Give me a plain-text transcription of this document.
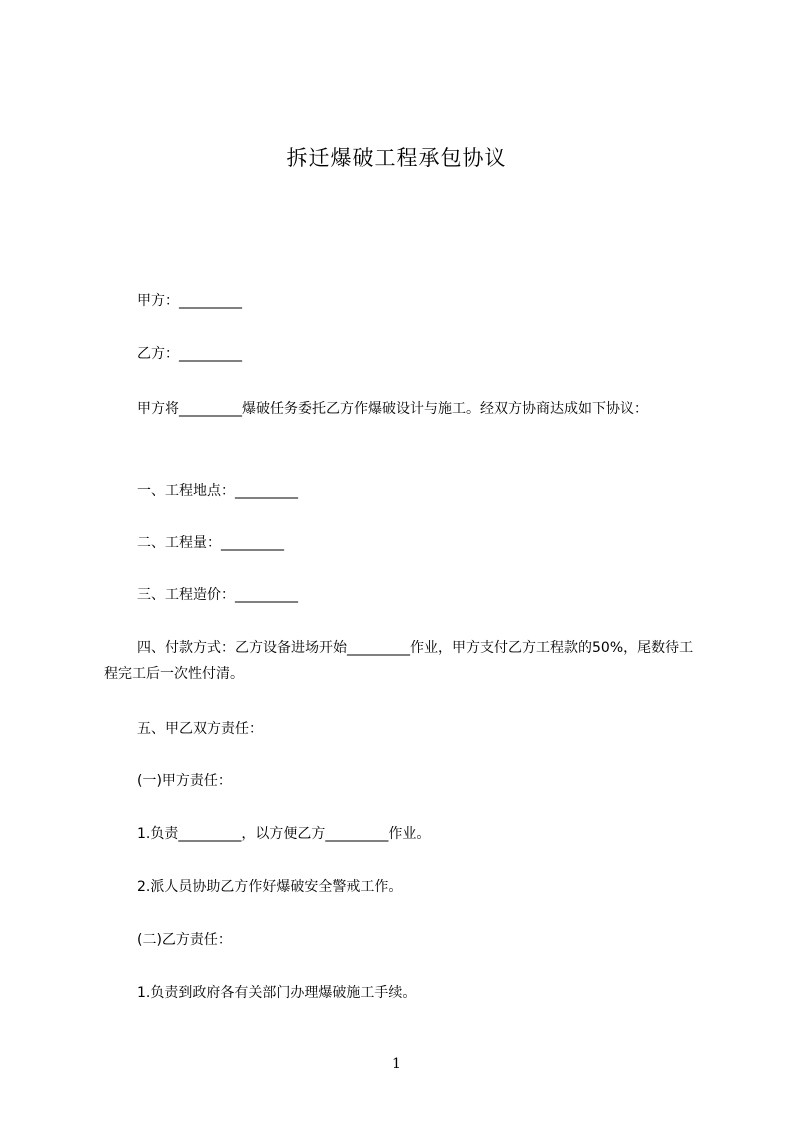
拆迁爆破工程承包协议
甲方：_________
乙方：_________
甲方将_________爆破任务委托乙方作爆破设计与施工。经双方协商达成如下协议：
一、工程地点：_________
二、工程量：_________
三、工程造价：_________
四、付款方式：乙方设备进场开始_________作业，甲方支付乙方工程款的50%，尾数待工程完工后一次性付清。
五、甲乙双方责任：
(一)甲方责任：
1.负责_________，以方便乙方_________作业。
2.派人员协助乙方作好爆破安全警戒工作。
(二)乙方责任：
1.负责到政府各有关部门办理爆破施工手续。
1
